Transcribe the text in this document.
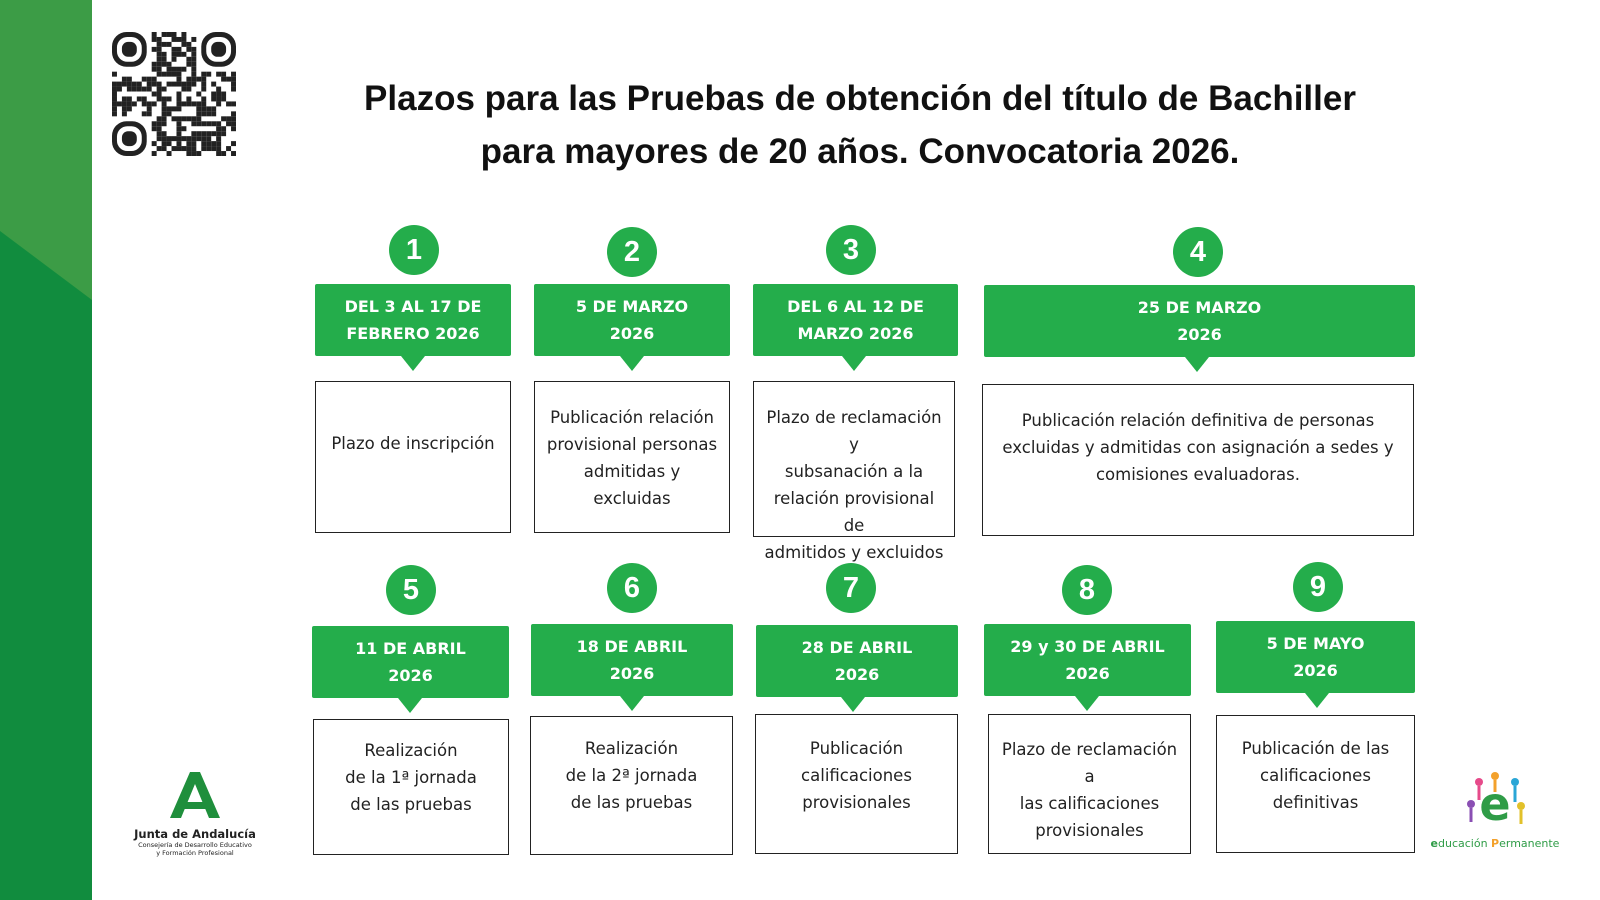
Plazos para las Pruebas de obtención del título de Bachiller
para mayores de 20 años. Convocatoria 2026.
1
DEL 3 AL 17 DE
FEBRERO 2026
Plazo de inscripción
2
5 DE MARZO
2026
Publicación relación
provisional personas
admitidas y excluidas
3
DEL 6 AL 12 DE
MARZO 2026
Plazo de reclamación y
subsanación a la
relación provisional de
admitidos y excluidos
4
25 DE MARZO
2026
Publicación relación definitiva de personas
excluidas y admitidas con asignación a sedes y
comisiones evaluadoras.
5
11 DE ABRIL
2026
Realización
de la 1ª jornada
de las pruebas
6
18 DE ABRIL
2026
Realización
de la 2ª jornada
de las pruebas
7
28 DE ABRIL
2026
Publicación
calificaciones
provisionales
8
29 y 30 DE ABRIL
2026
Plazo de reclamación a
las calificaciones
provisionales
9
5 DE MAYO
2026
Publicación de las
calificaciones
definitivas
Junta de Andalucía
Consejería de Desarrollo Educativo
y Formación Profesional
e
educación Permanente
